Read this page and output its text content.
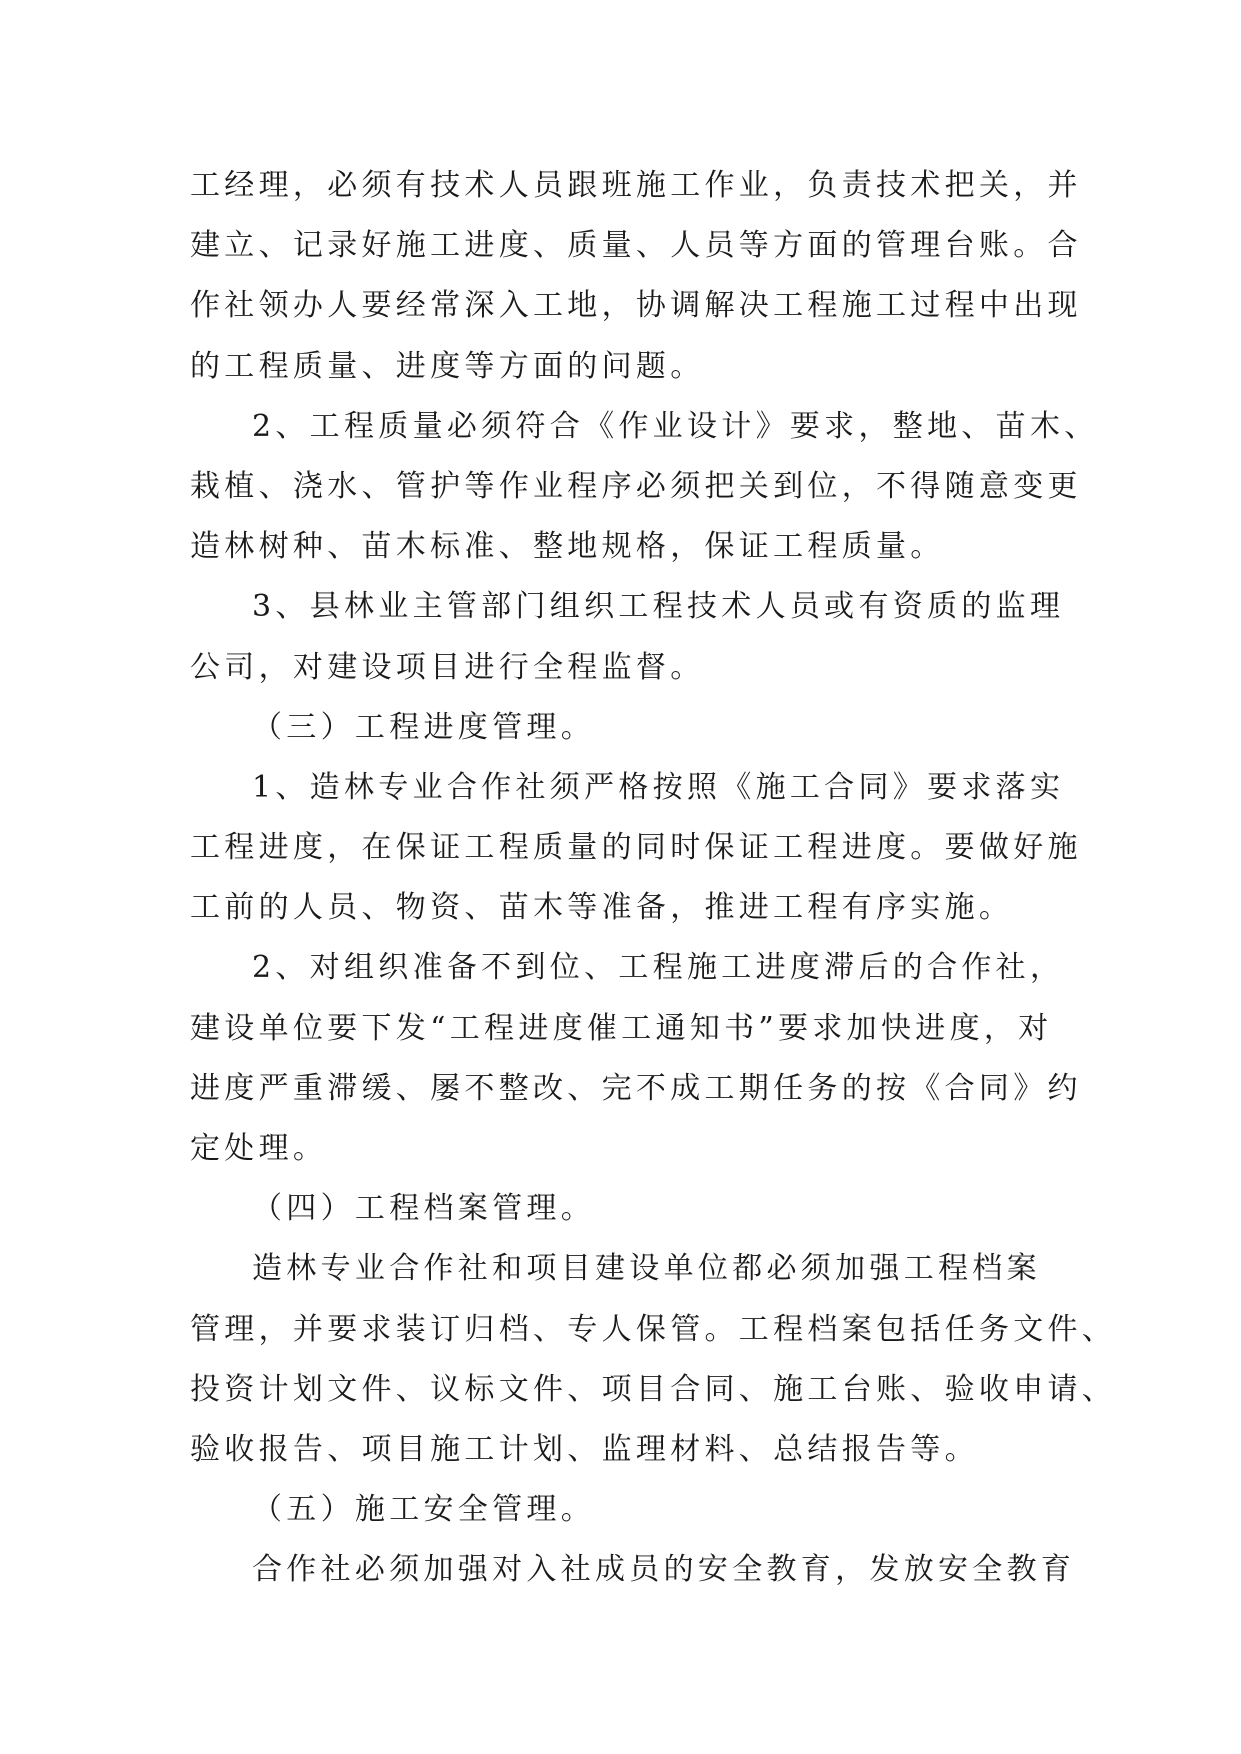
工经理，必须有技术人员跟班施工作业，负责技术把关，并
建立、记录好施工进度、质量、人员等方面的管理台账。合
作社领办人要经常深入工地，协调解决工程施工过程中出现
的工程质量、进度等方面的问题。
2、工程质量必须符合《作业设计》要求，整地、苗木、
栽植、浇水、管护等作业程序必须把关到位，不得随意变更
造林树种、苗木标准、整地规格，保证工程质量。
3、县林业主管部门组织工程技术人员或有资质的监理
公司，对建设项目进行全程监督。
（三）工程进度管理。
1、造林专业合作社须严格按照《施工合同》要求落实
工程进度，在保证工程质量的同时保证工程进度。要做好施
工前的人员、物资、苗木等准备，推进工程有序实施。
2、对组织准备不到位、工程施工进度滞后的合作社，
建设单位要下发“工程进度催工通知书”要求加快进度，对
进度严重滞缓、屡不整改、完不成工期任务的按《合同》约
定处理。
（四）工程档案管理。
造林专业合作社和项目建设单位都必须加强工程档案
管理，并要求装订归档、专人保管。工程档案包括任务文件、
投资计划文件、议标文件、项目合同、施工台账、验收申请、
验收报告、项目施工计划、监理材料、总结报告等。
（五）施工安全管理。
合作社必须加强对入社成员的安全教育，发放安全教育
